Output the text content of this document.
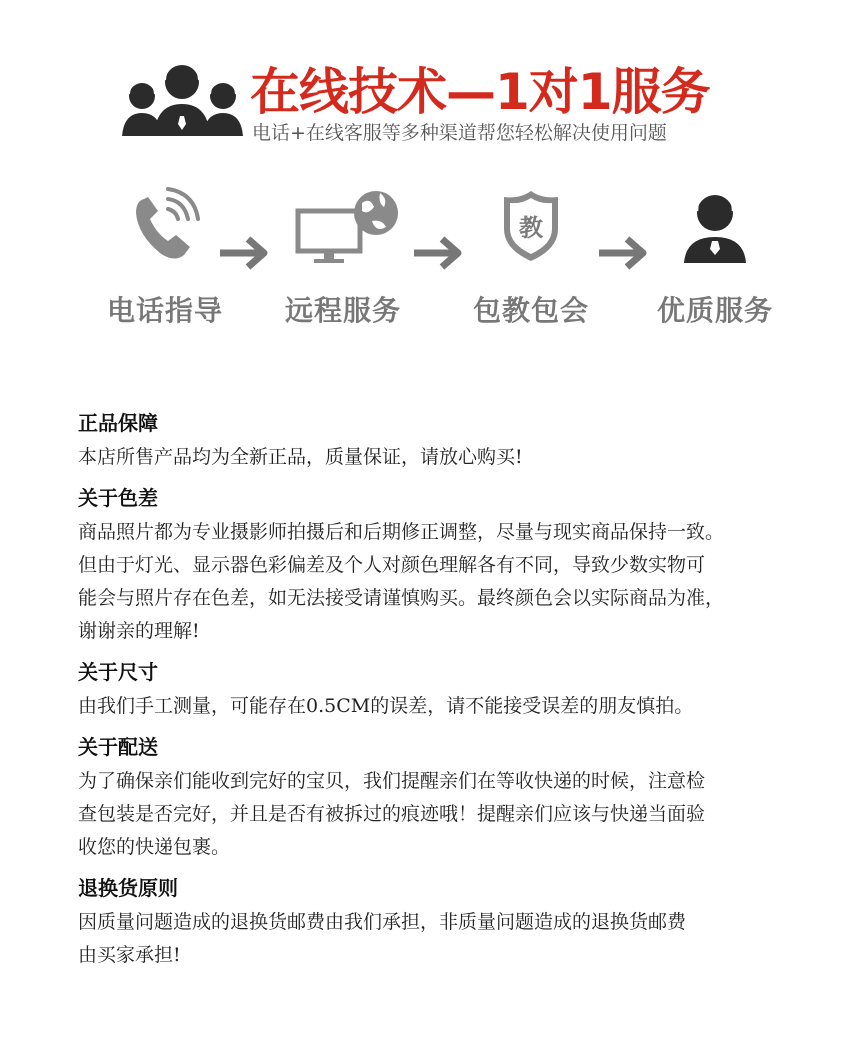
在线技术—1对1服务
电话+在线客服等多种渠道帮您轻松解决使用问题
电话指导	远程服务
教
包教包会	优质服务

正品保障

本店所售产品均为全新正品，质量保证，请放心购买!

关于色差

商品照片都为专业摄影师拍摄后和后期修正调整，尽量与现实商品保持一致。
但由于灯光、显示器色彩偏差及个人对颜色理解各有不同，导致少数实物可
能会与照片存在色差，如无法接受请谨慎购买。最终颜色会以实际商品为准，
谢谢亲的理解!

关于尺寸

由我们手工测量，可能存在0.5CM的误差，请不能接受误差的朋友慎拍。

关于配送

为了确保亲们能收到完好的宝贝，我们提醒亲们在等收快递的时候，注意检
查包装是否完好，并且是否有被拆过的痕迹哦！提醒亲们应该与快递当面验
收您的快递包裹。

退换货原则

因质量问题造成的退换货邮费由我们承担，非质量问题造成的退换货邮费
由买家承担!
